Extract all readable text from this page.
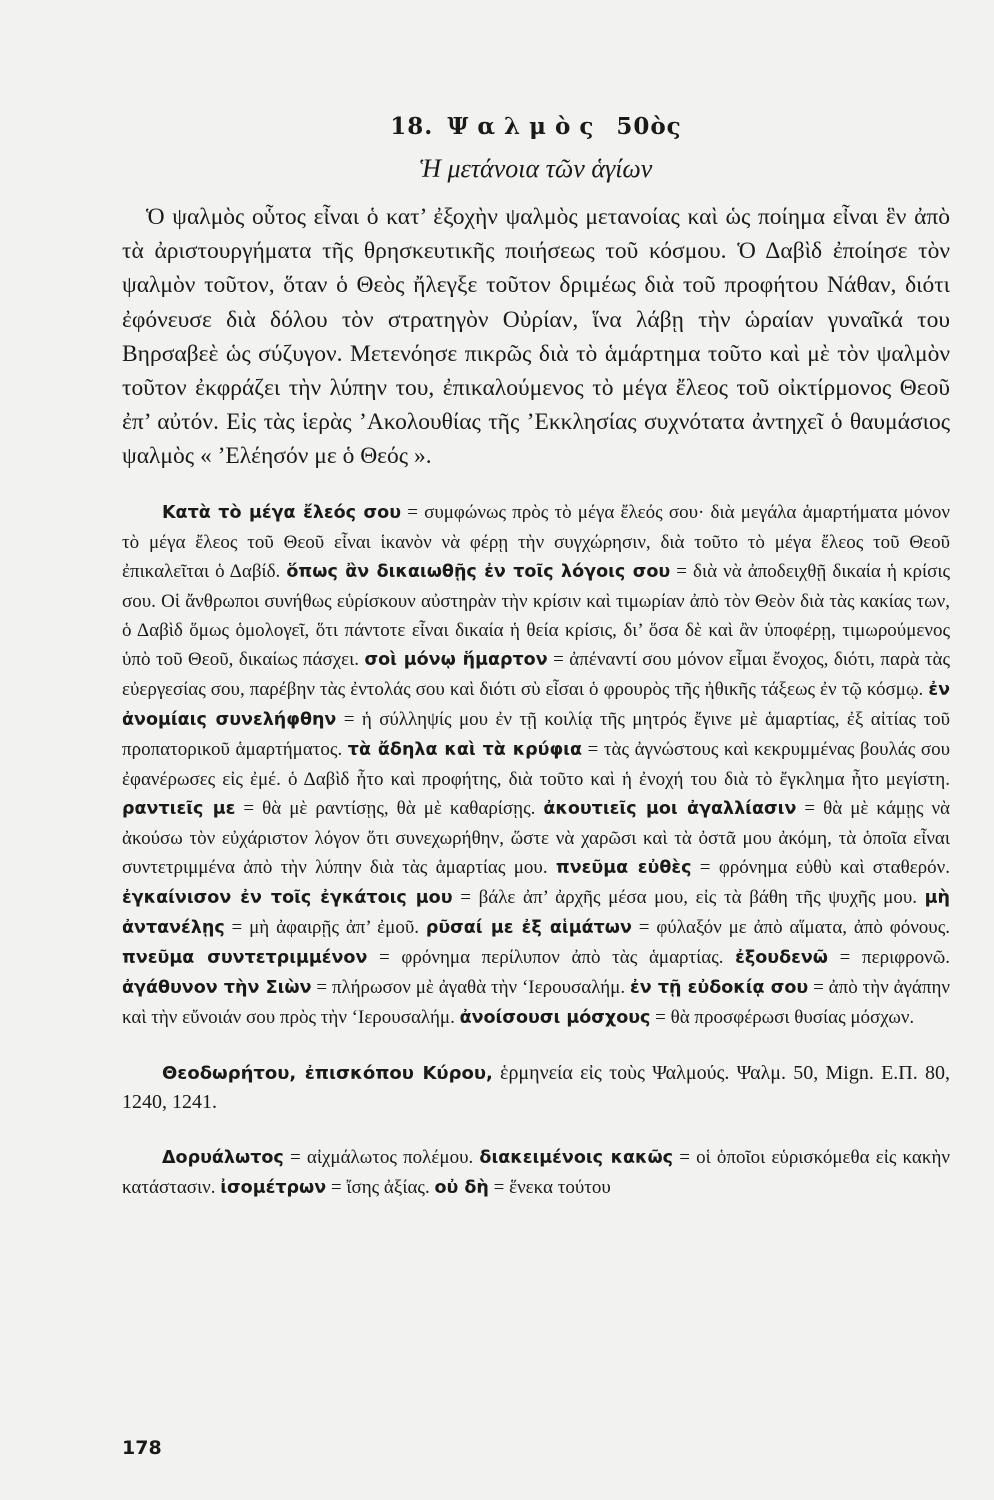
18. Ψαλμὸς 50ὸς
Ἡ μετάνοια τῶν ἁγίων

Ὁ ψαλμὸς οὗτος εἶναι ὁ κατ’ ἐξοχὴν ψαλμὸς μετανοίας καὶ ὡς ποίημα εἶναι ἓν ἀπὸ τὰ ἀριστουργήματα τῆς θρησκευτικῆς ποιήσεως τοῦ κόσμου. Ὁ Δαβὶδ ἐποίησε τὸν ψαλμὸν τοῦτον, ὅταν ὁ Θεὸς ἤλεγξε τοῦτον δριμέως διὰ τοῦ προφήτου Νάθαν, διότι ἐφόνευσε διὰ δόλου τὸν στρατηγὸν Οὐρίαν, ἵνα λάβῃ τὴν ὡραίαν γυναῖκά του Βηρσαβεὲ ὡς σύζυγον. Μετενόησε πικρῶς διὰ τὸ ἁμάρτημα τοῦτο καὶ μὲ τὸν ψαλμὸν τοῦτον ἐκφράζει τὴν λύπην του, ἐπικαλούμενος τὸ μέγα ἔλεος τοῦ οἰκτίρμονος Θεοῦ ἐπ’ αὐτόν. Εἰς τὰς ἱερὰς ’Ακολουθίας τῆς ’Εκκλησίας συχνότατα ἀντηχεῖ ὁ θαυμάσιος ψαλμὸς « ’Ελέησόν με ὁ Θεός ».

Κατὰ τὸ μέγα ἔλεός σου = συμφώνως πρὸς τὸ μέγα ἔλεός σου· διὰ μεγάλα ἁμαρτήματα μόνον τὸ μέγα ἔλεος τοῦ Θεοῦ εἶναι ἱκανὸν νὰ φέρῃ τὴν συγχώρησιν, διὰ τοῦτο τὸ μέγα ἔλεος τοῦ Θεοῦ ἐπικαλεῖται ὁ Δαβίδ. ὅπως ἂν δικαιωθῇς ἐν τοῖς λόγοις σου = διὰ νὰ ἀποδειχθῇ δικαία ἡ κρίσις σου. Οἱ ἄνθρωποι συνήθως εὑρίσκουν αὐστηρὰν τὴν κρίσιν καὶ τιμωρίαν ἀπὸ τὸν Θεὸν διὰ τὰς κακίας των, ὁ Δαβὶδ ὅμως ὁμολογεῖ, ὅτι πάντοτε εἶναι δικαία ἡ θεία κρίσις, δι’ ὅσα δὲ καὶ ἂν ὑποφέρῃ, τιμωρούμενος ὑπὸ τοῦ Θεοῦ, δικαίως πάσχει. σοὶ μόνῳ ἥμαρτον = ἀπέναντί σου μόνον εἶμαι ἔνοχος, διότι, παρὰ τὰς εὐεργεσίας σου, παρέβην τὰς ἐντολάς σου καὶ διότι σὺ εἶσαι ὁ φρουρὸς τῆς ἠθικῆς τάξεως ἐν τῷ κόσμῳ. ἐν ἀνομίαις συνελήφθην = ἡ σύλληψίς μου ἐν τῇ κοιλίᾳ τῆς μητρός ἔγινε μὲ ἁμαρτίας, ἐξ αἰτίας τοῦ προπατορικοῦ ἁμαρτήματος. τὰ ἄδηλα καὶ τὰ κρύφια = τὰς ἀγνώστους καὶ κεκρυμμένας βουλάς σου ἐφανέρωσες εἰς ἐμέ. ὁ Δαβὶδ ἦτο καὶ προφήτης, διὰ τοῦτο καὶ ἡ ἐνοχή του διὰ τὸ ἔγκλημα ἦτο μεγίστη. ραντιεῖς με = θὰ μὲ ραντίσῃς, θὰ μὲ καθαρίσῃς. ἀκουτιεῖς μοι ἀγαλλίασιν = θὰ μὲ κάμῃς νὰ ἀκούσω τὸν εὐχάριστον λόγον ὅτι συνεχωρήθην, ὥστε νὰ χαρῶσι καὶ τὰ ὀστᾶ μου ἀκόμη, τὰ ὁποῖα εἶναι συντετριμμένα ἀπὸ τὴν λύπην διὰ τὰς ἁμαρτίας μου. πνεῦμα εὐθὲς = φρόνημα εὐθὺ καὶ σταθερόν. ἐγκαίνισον ἐν τοῖς ἐγκάτοις μου = βάλε ἀπ’ ἀρχῆς μέσα μου, εἰς τὰ βάθη τῆς ψυχῆς μου. μὴ ἀντανέλῃς = μὴ ἀφαιρῇς ἀπ’ ἐμοῦ. ρῦσαί με ἐξ αἱμάτων = φύλαξόν με ἀπὸ αἵματα, ἀπὸ φόνους. πνεῦμα συντετριμμένον = φρόνημα περίλυπον ἀπὸ τὰς ἁμαρτίας. ἐξουδενῶ = περιφρονῶ. ἀγάθυνον τὴν Σιὼν = πλήρωσον μὲ ἀγαθὰ τὴν ‘Ιερουσαλήμ. ἐν τῇ εὐδοκίᾳ σου = ἀπὸ τὴν ἀγάπην καὶ τὴν εὔνοιάν σου πρὸς τὴν ‘Ιερουσαλήμ. ἀνοίσουσι μόσχους = θὰ προσφέρωσι θυσίας μόσχων.

Θεοδωρήτου, ἐπισκόπου Κύρου, ἑρμηνεία εἰς τοὺς Ψαλμούς. Ψαλμ. 50, Mign. Ε.Π. 80, 1240, 1241.

Δορυάλωτος = αἰχμάλωτος πολέμου. διακειμένοις κακῶς = οἱ ὁποῖοι εὑρισκόμεθα εἰς κακὴν κατάστασιν. ἰσομέτρων = ἴσης ἀξίας. οὐ δὴ = ἕνεκα τούτου

178
